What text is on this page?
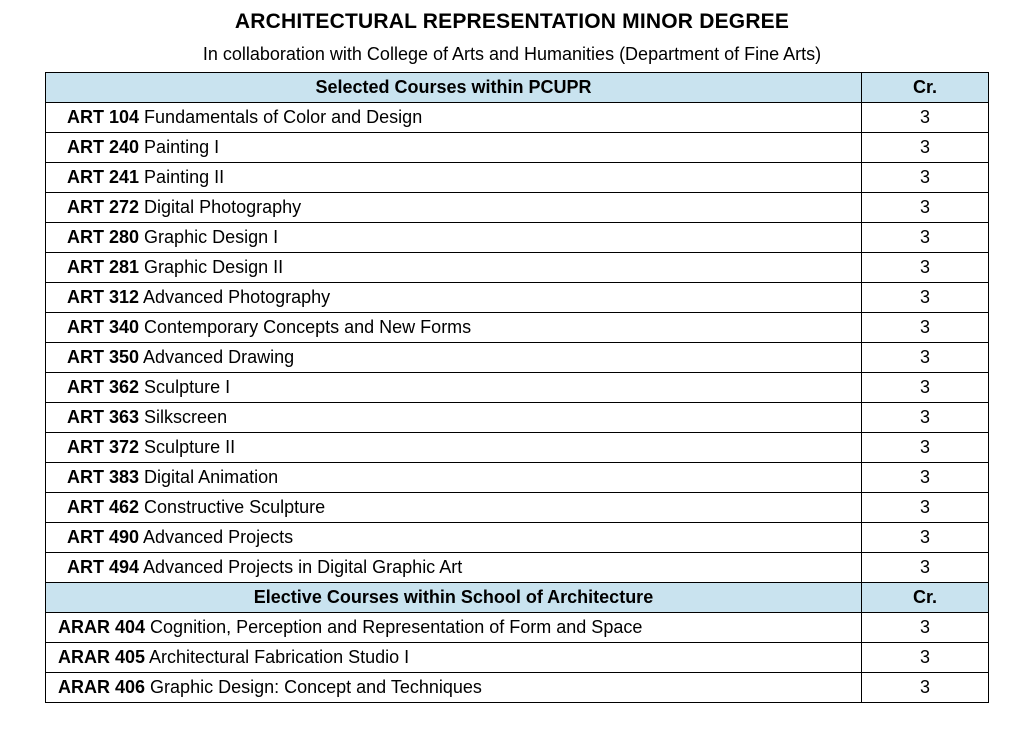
ARCHITECTURAL REPRESENTATION MINOR DEGREE
In collaboration with College of Arts and Humanities (Department of Fine Arts)
Selected Courses within PCUPR	Cr.
ART 104 Fundamentals of Color and Design	3
ART 240 Painting I	3
ART 241 Painting II	3
ART 272 Digital Photography	3
ART 280 Graphic Design I	3
ART 281 Graphic Design II	3
ART 312 Advanced Photography	3
ART 340 Contemporary Concepts and New Forms	3
ART 350 Advanced Drawing	3
ART 362 Sculpture I	3
ART 363 Silkscreen	3
ART 372 Sculpture II	3
ART 383 Digital Animation	3
ART 462 Constructive Sculpture	3
ART 490 Advanced Projects	3
ART 494 Advanced Projects in Digital Graphic Art	3
Elective Courses within School of Architecture	Cr.
ARAR 404 Cognition, Perception and Representation of Form and Space	3
ARAR 405 Architectural Fabrication Studio I	3
ARAR 406 Graphic Design: Concept and Techniques	3
